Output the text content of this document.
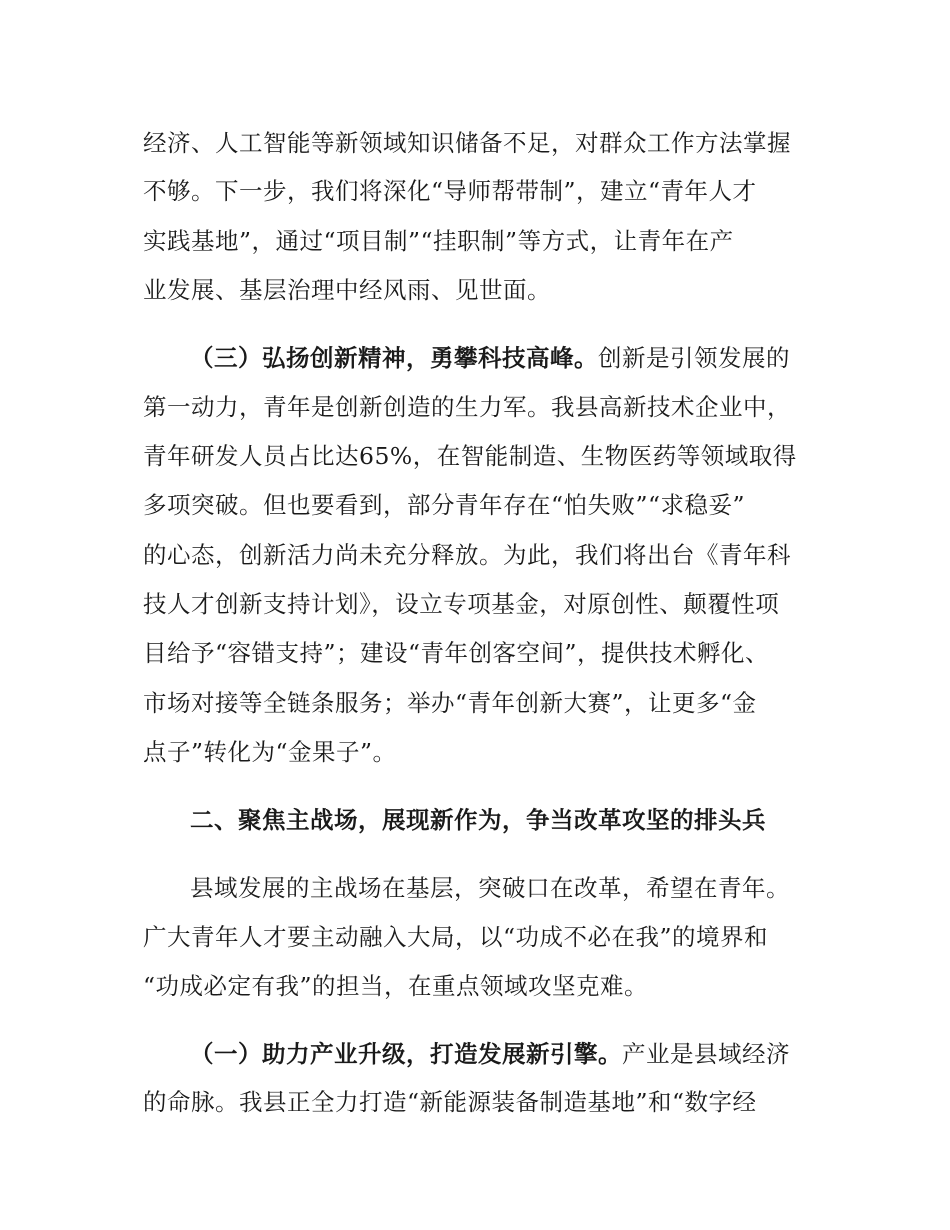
经济、人工智能等新领域知识储备不足，对群众工作方法掌握
不够。下一步，我们将深化“导师帮带制”，建立“青年人才
实践基地”，通过“项目制”“挂职制”等方式，让青年在产
业发展、基层治理中经风雨、见世面。
（三）弘扬创新精神，勇攀科技高峰。创新是引领发展的
第一动力，青年是创新创造的生力军。我县高新技术企业中，
青年研发人员占比达65%，在智能制造、生物医药等领域取得
多项突破。但也要看到，部分青年存在“怕失败”“求稳妥”
的心态，创新活力尚未充分释放。为此，我们将出台《青年科
技人才创新支持计划》，设立专项基金，对原创性、颠覆性项
目给予“容错支持”；建设“青年创客空间”，提供技术孵化、
市场对接等全链条服务；举办“青年创新大赛”，让更多“金
点子”转化为“金果子”。
二、聚焦主战场，展现新作为，争当改革攻坚的排头兵
县域发展的主战场在基层，突破口在改革，希望在青年。
广大青年人才要主动融入大局，以“功成不必在我”的境界和
“功成必定有我”的担当，在重点领域攻坚克难。
（一）助力产业升级，打造发展新引擎。产业是县域经济
的命脉。我县正全力打造“新能源装备制造基地”和“数字经
